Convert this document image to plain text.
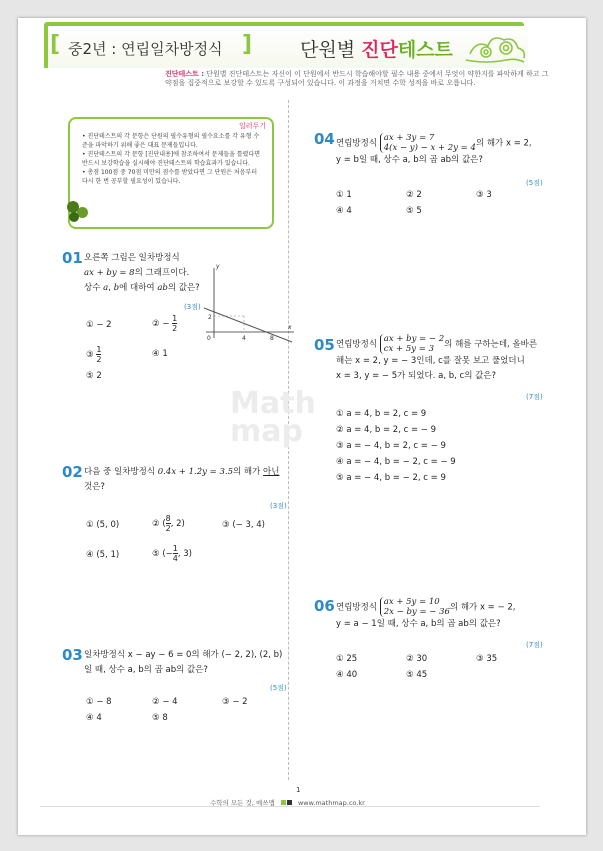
[ 중2년 : 연립일차방정식 ]	단원별 진단테스트
진단테스트 : 단원별 진단테스트는 자신이 이 단원에서 반드시 학습해야할 필수 내용 중에서 무엇이 약한지를 파악하게 하고 그 약점을 집중적으로 보강할 수 있도록 구성되어 있습니다. 이 과정을 거치면 수학 성적을 바로 오릅니다.
일러두기
• 진단테스트의 각 문항은 단원의 필수유형의 필수요소를 각 유형 수준을 파악하기 위해 좋은 대표 문제들입니다.
• 진단테스트의 각 문항 [진단내용]에 참조하여서 문제들을 틀렸다면 반드시 보강학습을 실시해야 진단테스트의 학습효과가 있습니다.
• 총점 100점 중 70점 미만의 점수를 받았다면 그 단원은 처음부터 다시 한 번 공부할 필요성이 있습니다.
01 오른쪽 그림은 일차방정식
ax + by = 8의 그래프이다.
상수 a, b에 대하여 ab의 값은?
(3점)
y
x
0	4	8
2
① − 2	② − $\frac{1}{2}$
③ $\frac{1}{2}$	④ 1
⑤ 2
02 다음 중 일차방정식 0.4̇x + 1.2̇y = 3.5의 해가 아닌
것은?
(3점)
① (5, 0)	② ( $\frac{8}{2}$ , 2)	③ (− 3, 4)
④ (5, 1)	⑤ (− $\frac{1}{4}$ , 3)
03 일차방정식 x − ay − 6 = 0의 해가 (− 2, 2), (2, b)
일 때, 상수 a, b의 곱 ab의 값은?
(5점)
① − 8	② − 4	③ − 2
④ 4	⑤ 8
04 연립방정식 ax + 3y = 7
4(x − y) − x + 2y = 4의 해가 x = 2,
y = b일 때, 상수 a, b의 곱 ab의 값은?
(5점)
① 1	② 2	③ 3
④ 4	⑤ 5
Math
map
05 연립방정식 ax + by = − 2
cx + 5y = 3 의 해를 구하는데, 올바른
해는 x = 2, y = − 3인데, c를 잘못 보고 풀었더니
x = 3, y = − 5가 되었다. a, b, c의 값은?
(7점)
① a = 4, b = 2, c = 9
② a = 4, b = 2, c = − 9
③ a = − 4, b = 2, c = − 9
④ a = − 4, b = − 2, c = − 9
⑤ a = − 4, b = − 2, c = 9
06 연립방정식 ax + 5y = 10
2x − by = − 36의 해가 x = − 2,
y = a − 1일 때, 상수 a, b의 곱 ab의 값은?
(7점)
① 25	② 30	③ 35
④ 40	⑤ 45
1
수학의 모든 것, 매쓰맵	www.mathmap.co.kr
